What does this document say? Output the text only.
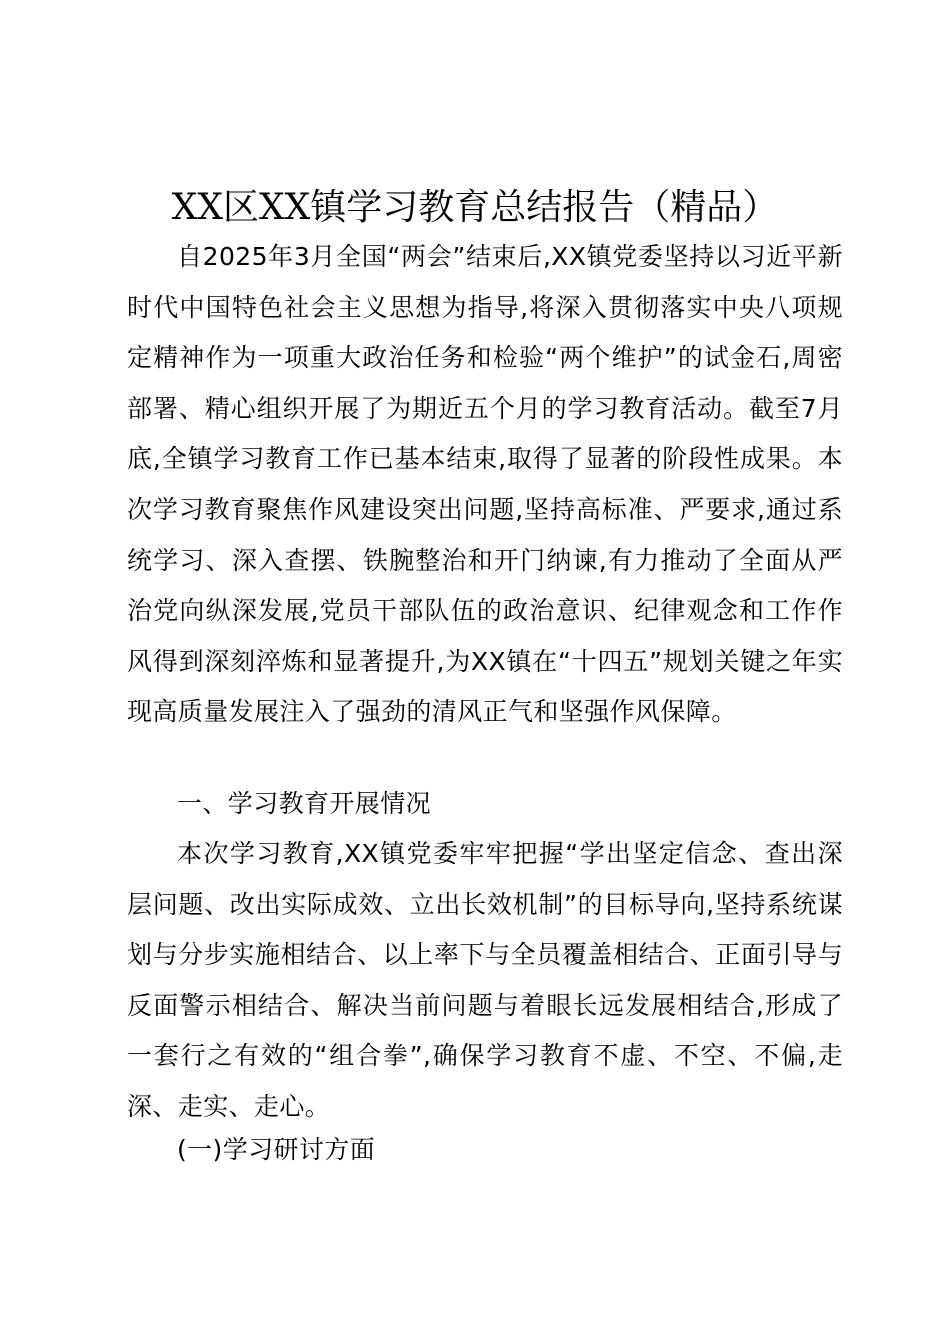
XX区XX镇学习教育总结报告（精品）

自2025年3月全国“两会”结束后,XX镇党委坚持以习近平新时代中国特色社会主义思想为指导,将深入贯彻落实中央八项规定精神作为一项重大政治任务和检验“两个维护”的试金石,周密部署、精心组织开展了为期近五个月的学习教育活动。截至7月底,全镇学习教育工作已基本结束,取得了显著的阶段性成果。本次学习教育聚焦作风建设突出问题,坚持高标准、严要求,通过系统学习、深入查摆、铁腕整治和开门纳谏,有力推动了全面从严治党向纵深发展,党员干部队伍的政治意识、纪律观念和工作作风得到深刻淬炼和显著提升,为XX镇在“十四五”规划关键之年实现高质量发展注入了强劲的清风正气和坚强作风保障。

一、学习教育开展情况

本次学习教育,XX镇党委牢牢把握“学出坚定信念、查出深层问题、改出实际成效、立出长效机制”的目标导向,坚持系统谋划与分步实施相结合、以上率下与全员覆盖相结合、正面引导与反面警示相结合、解决当前问题与着眼长远发展相结合,形成了一套行之有效的“组合拳”,确保学习教育不虚、不空、不偏,走深、走实、走心。

(一)学习研讨方面
